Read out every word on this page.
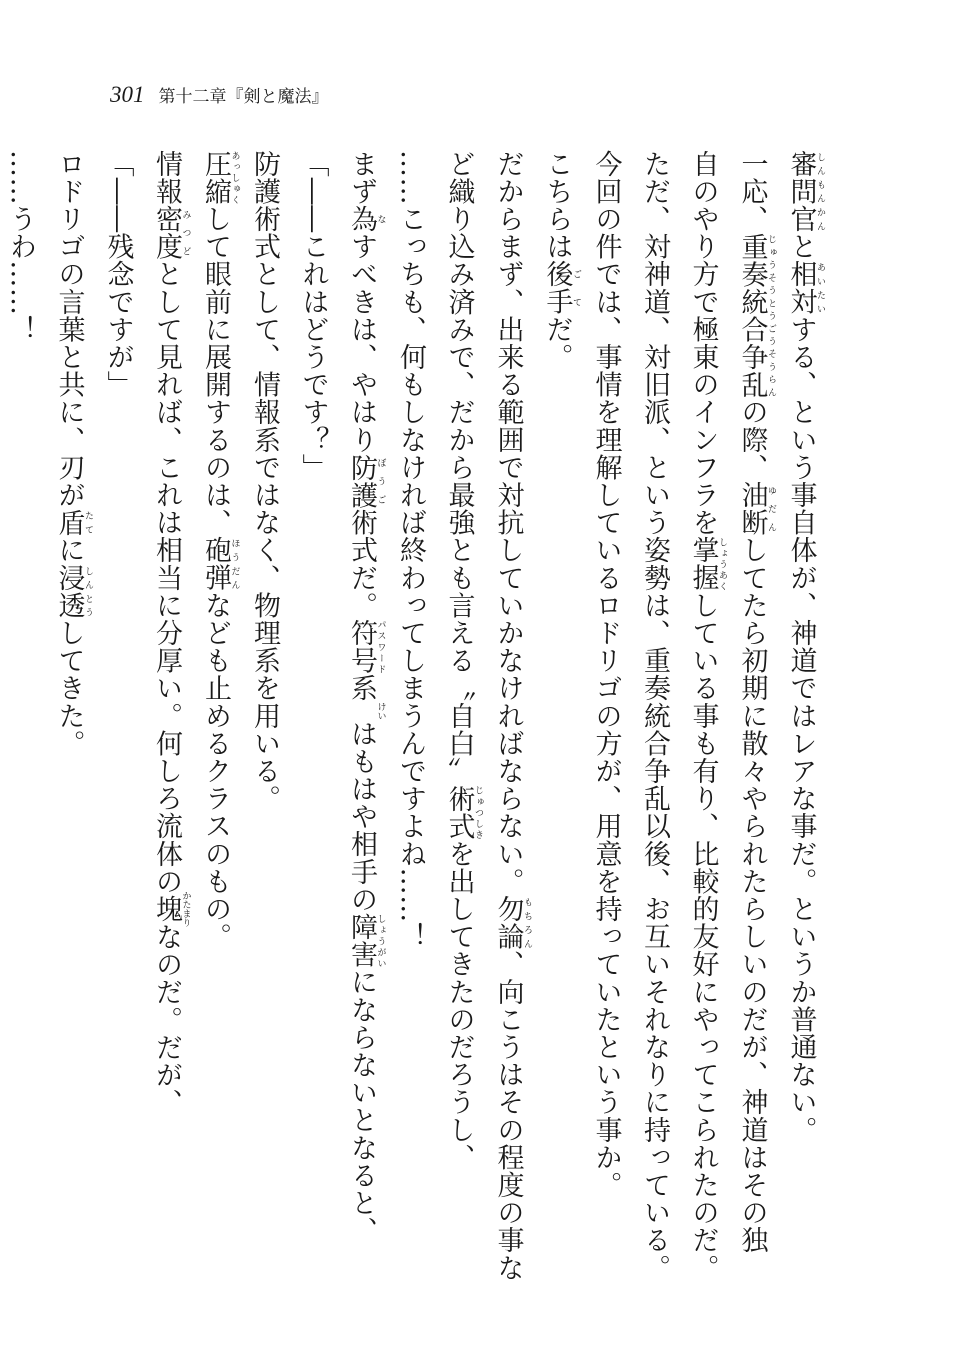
301 第十二章『剣と魔法』
審問官しんもんかんと相対あいたいする、という事自体が、神道ではレアな事だ。というか普通ない。
一応、重奏統合争乱じゅうそうとうごうそうらんの際、油断ゆだんしてたら初期に散々やられたらしいのだが、神道はその独
自のやり方で極東のインフラを掌握しょうあくしている事も有り、比較的友好にやってこられたのだ。
ただ、対神道、対旧派、という姿勢は、重奏統合争乱以後、お互いそれなりに持っている。
今回の件では、事情を理解しているロドリゴの方が、用意を持っていたという事か。
こちらは後手ごてだ。
だからまず、出来る範囲で対抗していかなければならない。勿論もちろん、向こうはその程度の事な
ど織り込み済みで、だから最強とも言える〝自白〟術式じゅつしきを出してきたのだろうし、
……こっちも、何もしなければ終わってしまうんですよね……！
まず為なすべきは、やはり防護ぼうご術式だ。符号パスワード系けいはもはや相手の障害しょうがいにならないとなると、
「――これはどうです？」
防護術式として、情報系ではなく、物理系を用いる。
圧縮あっしゅくして眼前に展開するのは、砲弾ほうだんなども止めるクラスのもの。
情報密度みつどとして見れば、これは相当に分厚い。何しろ流体の塊かたまりなのだ。だが、
「――残念ですが」
ロドリゴの言葉と共に、刃が盾たてに浸透しんとうしてきた。
……うわ……！
